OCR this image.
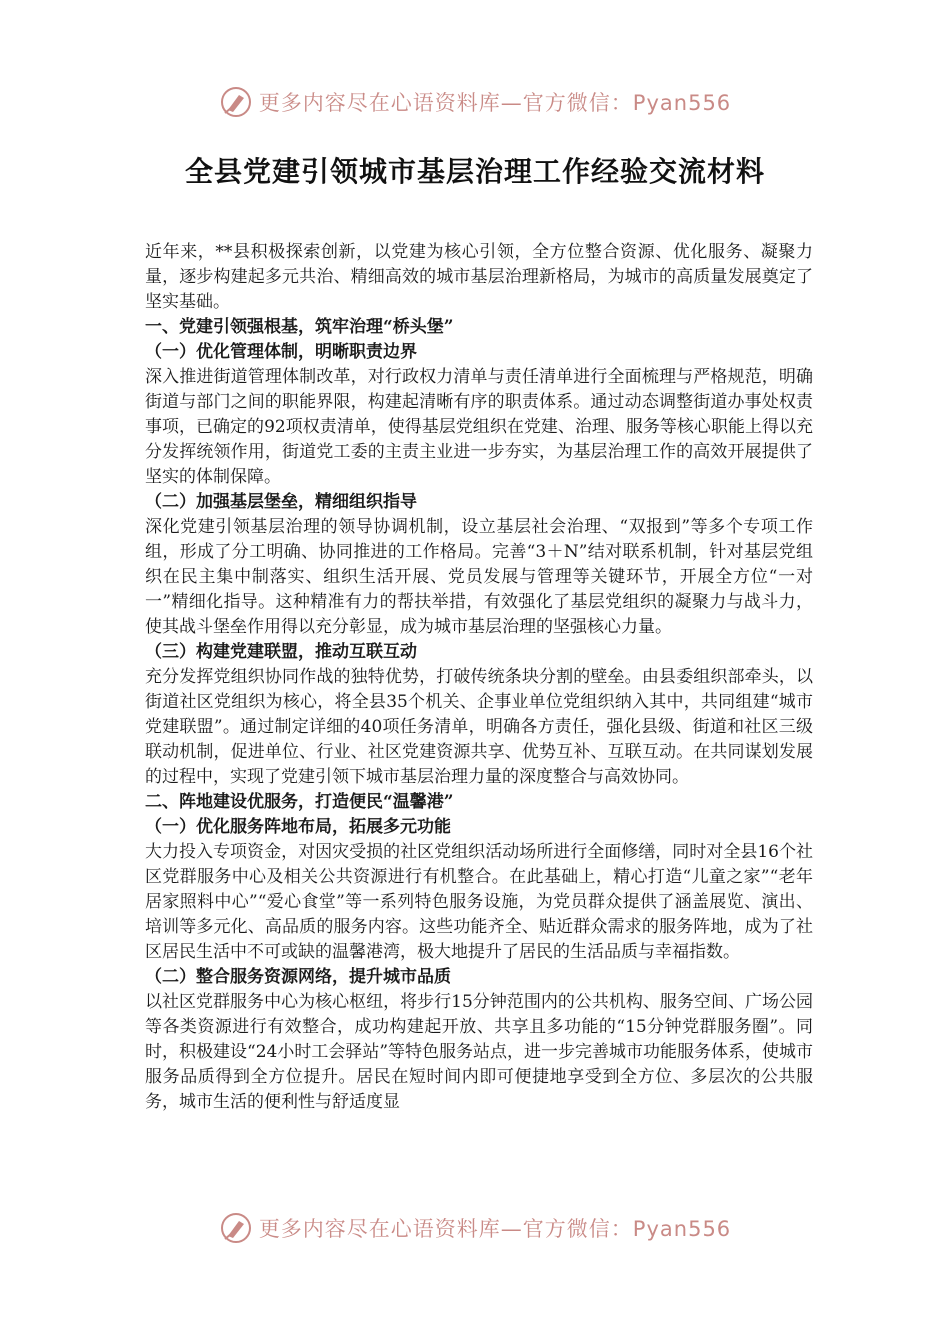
更多内容尽在心语资料库—官方微信：Pyan556
全县党建引领城市基层治理工作经验交流材料

近年来，**县积极探索创新，以党建为核心引领，全方位整合资源、优化服务、凝聚力量，逐步构建起多元共治、精细高效的城市基层治理新格局，为城市的高质量发展奠定了坚实基础。

一、党建引领强根基，筑牢治理“桥头堡”

（一）优化管理体制，明晰职责边界

深入推进街道管理体制改革，对行政权力清单与责任清单进行全面梳理与严格规范，明确街道与部门之间的职能界限，构建起清晰有序的职责体系。通过动态调整街道办事处权责事项，已确定的92项权责清单，使得基层党组织在党建、治理、服务等核心职能上得以充分发挥统领作用，街道党工委的主责主业进一步夯实，为基层治理工作的高效开展提供了坚实的体制保障。

（二）加强基层堡垒，精细组织指导

深化党建引领基层治理的领导协调机制，设立基层社会治理、“双报到”等多个专项工作组，形成了分工明确、协同推进的工作格局。完善“3＋N”结对联系机制，针对基层党组织在民主集中制落实、组织生活开展、党员发展与管理等关键环节，开展全方位“一对一”精细化指导。这种精准有力的帮扶举措，有效强化了基层党组织的凝聚力与战斗力，使其战斗堡垒作用得以充分彰显，成为城市基层治理的坚强核心力量。

（三）构建党建联盟，推动互联互动

充分发挥党组织协同作战的独特优势，打破传统条块分割的壁垒。由县委组织部牵头，以街道社区党组织为核心，将全县35个机关、企事业单位党组织纳入其中，共同组建“城市党建联盟”。通过制定详细的40项任务清单，明确各方责任，强化县级、街道和社区三级联动机制，促进单位、行业、社区党建资源共享、优势互补、互联互动。在共同谋划发展的过程中，实现了党建引领下城市基层治理力量的深度整合与高效协同。

二、阵地建设优服务，打造便民“温馨港”

（一）优化服务阵地布局，拓展多元功能

大力投入专项资金，对因灾受损的社区党组织活动场所进行全面修缮，同时对全县16个社区党群服务中心及相关公共资源进行有机整合。在此基础上，精心打造“儿童之家”“老年居家照料中心”“爱心食堂”等一系列特色服务设施，为党员群众提供了涵盖展览、演出、培训等多元化、高品质的服务内容。这些功能齐全、贴近群众需求的服务阵地，成为了社区居民生活中不可或缺的温馨港湾，极大地提升了居民的生活品质与幸福指数。

（二）整合服务资源网络，提升城市品质

以社区党群服务中心为核心枢纽，将步行15分钟范围内的公共机构、服务空间、广场公园等各类资源进行有效整合，成功构建起开放、共享且多功能的“15分钟党群服务圈”。同时，积极建设“24小时工会驿站”等特色服务站点，进一步完善城市功能服务体系，使城市服务品质得到全方位提升。居民在短时间内即可便捷地享受到全方位、多层次的公共服务，城市生活的便利性与舒适度显

更多内容尽在心语资料库—官方微信：Pyan556
